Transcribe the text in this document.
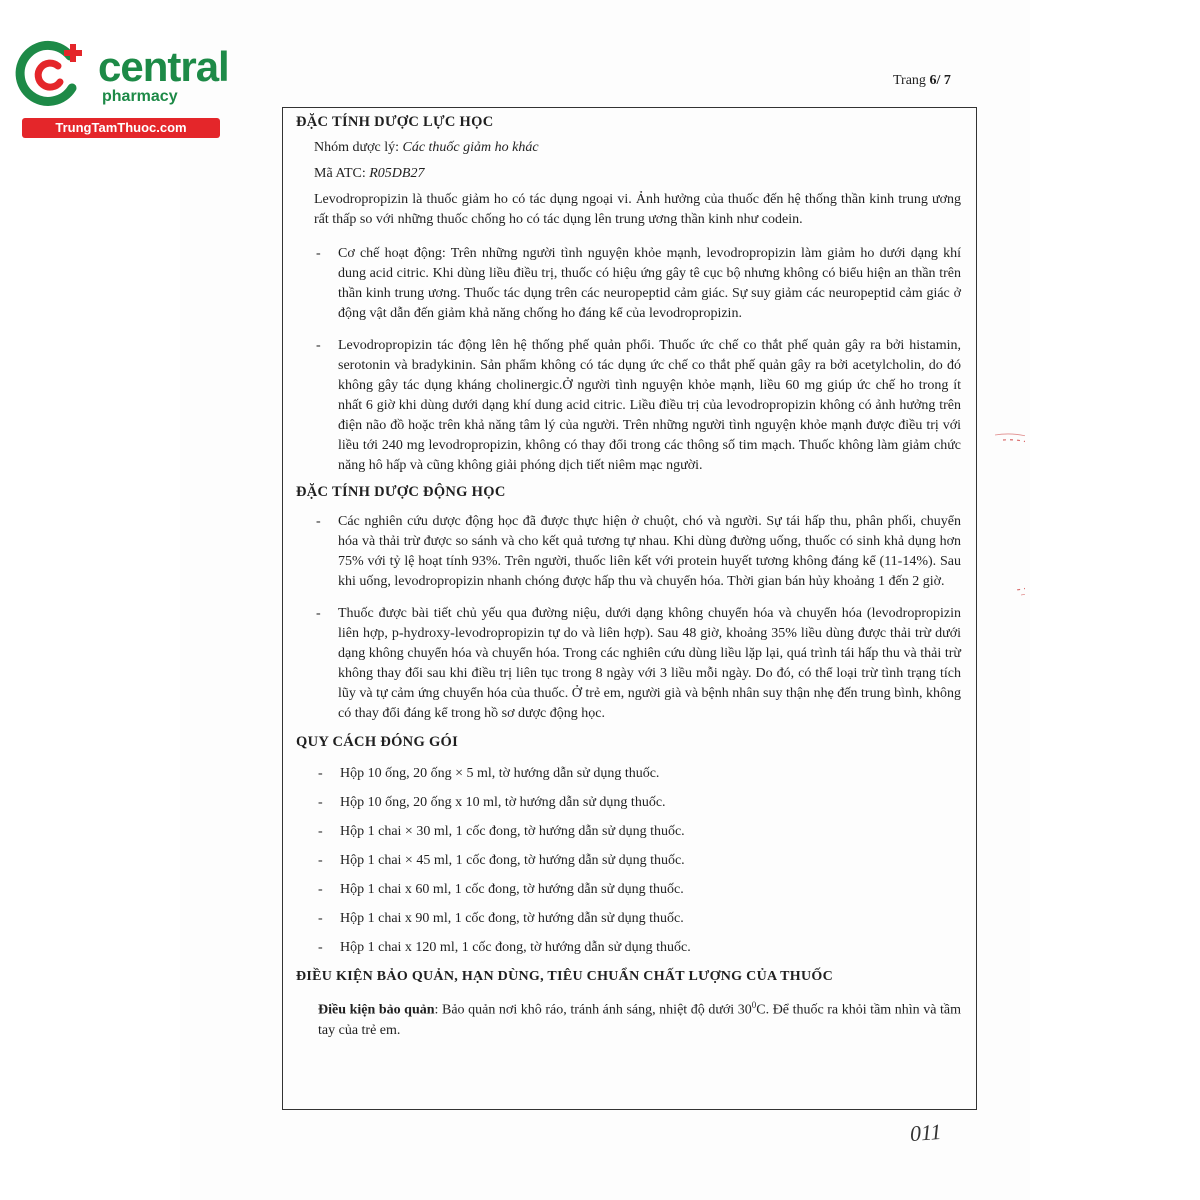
central
pharmacy
TrungTamThuoc.com
Trang 6/ 7
ĐẶC TÍNH DƯỢC LỰC HỌC

Nhóm dược lý: Các thuốc giảm ho khác

Mã ATC: R05DB27

Levodropropizin là thuốc giảm ho có tác dụng ngoại vi. Ảnh hưởng của thuốc đến hệ thống thần kinh trung ương rất thấp so với những thuốc chống ho có tác dụng lên trung ương thần kinh như codein.

- Cơ chế hoạt động: Trên những người tình nguyện khỏe mạnh, levodropropizin làm giảm ho dưới dạng khí dung acid citric. Khi dùng liều điều trị, thuốc có hiệu ứng gây tê cục bộ nhưng không có biểu hiện an thần trên thần kinh trung ương. Thuốc tác dụng trên các neuropeptid cảm giác. Sự suy giảm các neuropeptid cảm giác ở động vật dẫn đến giảm khả năng chống ho đáng kể của levodropropizin.
- Levodropropizin tác động lên hệ thống phế quản phổi. Thuốc ức chế co thắt phế quản gây ra bởi histamin, serotonin và bradykinin. Sản phẩm không có tác dụng ức chế co thắt phế quản gây ra bởi acetylcholin, do đó không gây tác dụng kháng cholinergic.Ở người tình nguyện khỏe mạnh, liều 60 mg giúp ức chế ho trong ít nhất 6 giờ khi dùng dưới dạng khí dung acid citric. Liều điều trị của levodropropizin không có ảnh hưởng trên điện não đồ hoặc trên khả năng tâm lý của người. Trên những người tình nguyện khỏe mạnh được điều trị với liều tới 240 mg levodropropizin, không có thay đổi trong các thông số tim mạch. Thuốc không làm giảm chức năng hô hấp và cũng không giải phóng dịch tiết niêm mạc người.
ĐẶC TÍNH DƯỢC ĐỘNG HỌC
- Các nghiên cứu dược động học đã được thực hiện ở chuột, chó và người. Sự tái hấp thu, phân phối, chuyển hóa và thải trừ được so sánh và cho kết quả tương tự nhau. Khi dùng đường uống, thuốc có sinh khả dụng hơn 75% với tỷ lệ hoạt tính 93%. Trên người, thuốc liên kết với protein huyết tương không đáng kể (11-14%). Sau khi uống, levodropropizin nhanh chóng được hấp thu và chuyển hóa. Thời gian bán hủy khoảng 1 đến 2 giờ.
- Thuốc được bài tiết chủ yếu qua đường niệu, dưới dạng không chuyển hóa và chuyển hóa (levodropropizin liên hợp, p-hydroxy-levodropropizin tự do và liên hợp). Sau 48 giờ, khoảng 35% liều dùng được thải trừ dưới dạng không chuyển hóa và chuyển hóa. Trong các nghiên cứu dùng liều lặp lại, quá trình tái hấp thu và thải trừ không thay đổi sau khi điều trị liên tục trong 8 ngày với 3 liều mỗi ngày. Do đó, có thể loại trừ tình trạng tích lũy và tự cảm ứng chuyển hóa của thuốc. Ở trẻ em, người già và bệnh nhân suy thận nhẹ đến trung bình, không có thay đổi đáng kể trong hồ sơ dược động học.
QUY CÁCH ĐÓNG GÓI
- Hộp 10 ống, 20 ống × 5 ml, tờ hướng dẫn sử dụng thuốc.
- Hộp 10 ống, 20 ống x 10 ml, tờ hướng dẫn sử dụng thuốc.
- Hộp 1 chai × 30 ml, 1 cốc đong, tờ hướng dẫn sử dụng thuốc.
- Hộp 1 chai × 45 ml, 1 cốc đong, tờ hướng dẫn sử dụng thuốc.
- Hộp 1 chai x 60 ml, 1 cốc đong, tờ hướng dẫn sử dụng thuốc.
- Hộp 1 chai x 90 ml, 1 cốc đong, tờ hướng dẫn sử dụng thuốc.
- Hộp 1 chai x 120 ml, 1 cốc đong, tờ hướng dẫn sử dụng thuốc.
ĐIỀU KIỆN BẢO QUẢN, HẠN DÙNG, TIÊU CHUẨN CHẤT LƯỢNG CỦA THUỐC

Điều kiện bảo quản: Bảo quản nơi khô ráo, tránh ánh sáng, nhiệt độ dưới $30^0C$. Để thuốc ra khỏi tầm nhìn và tầm tay của trẻ em.

011
